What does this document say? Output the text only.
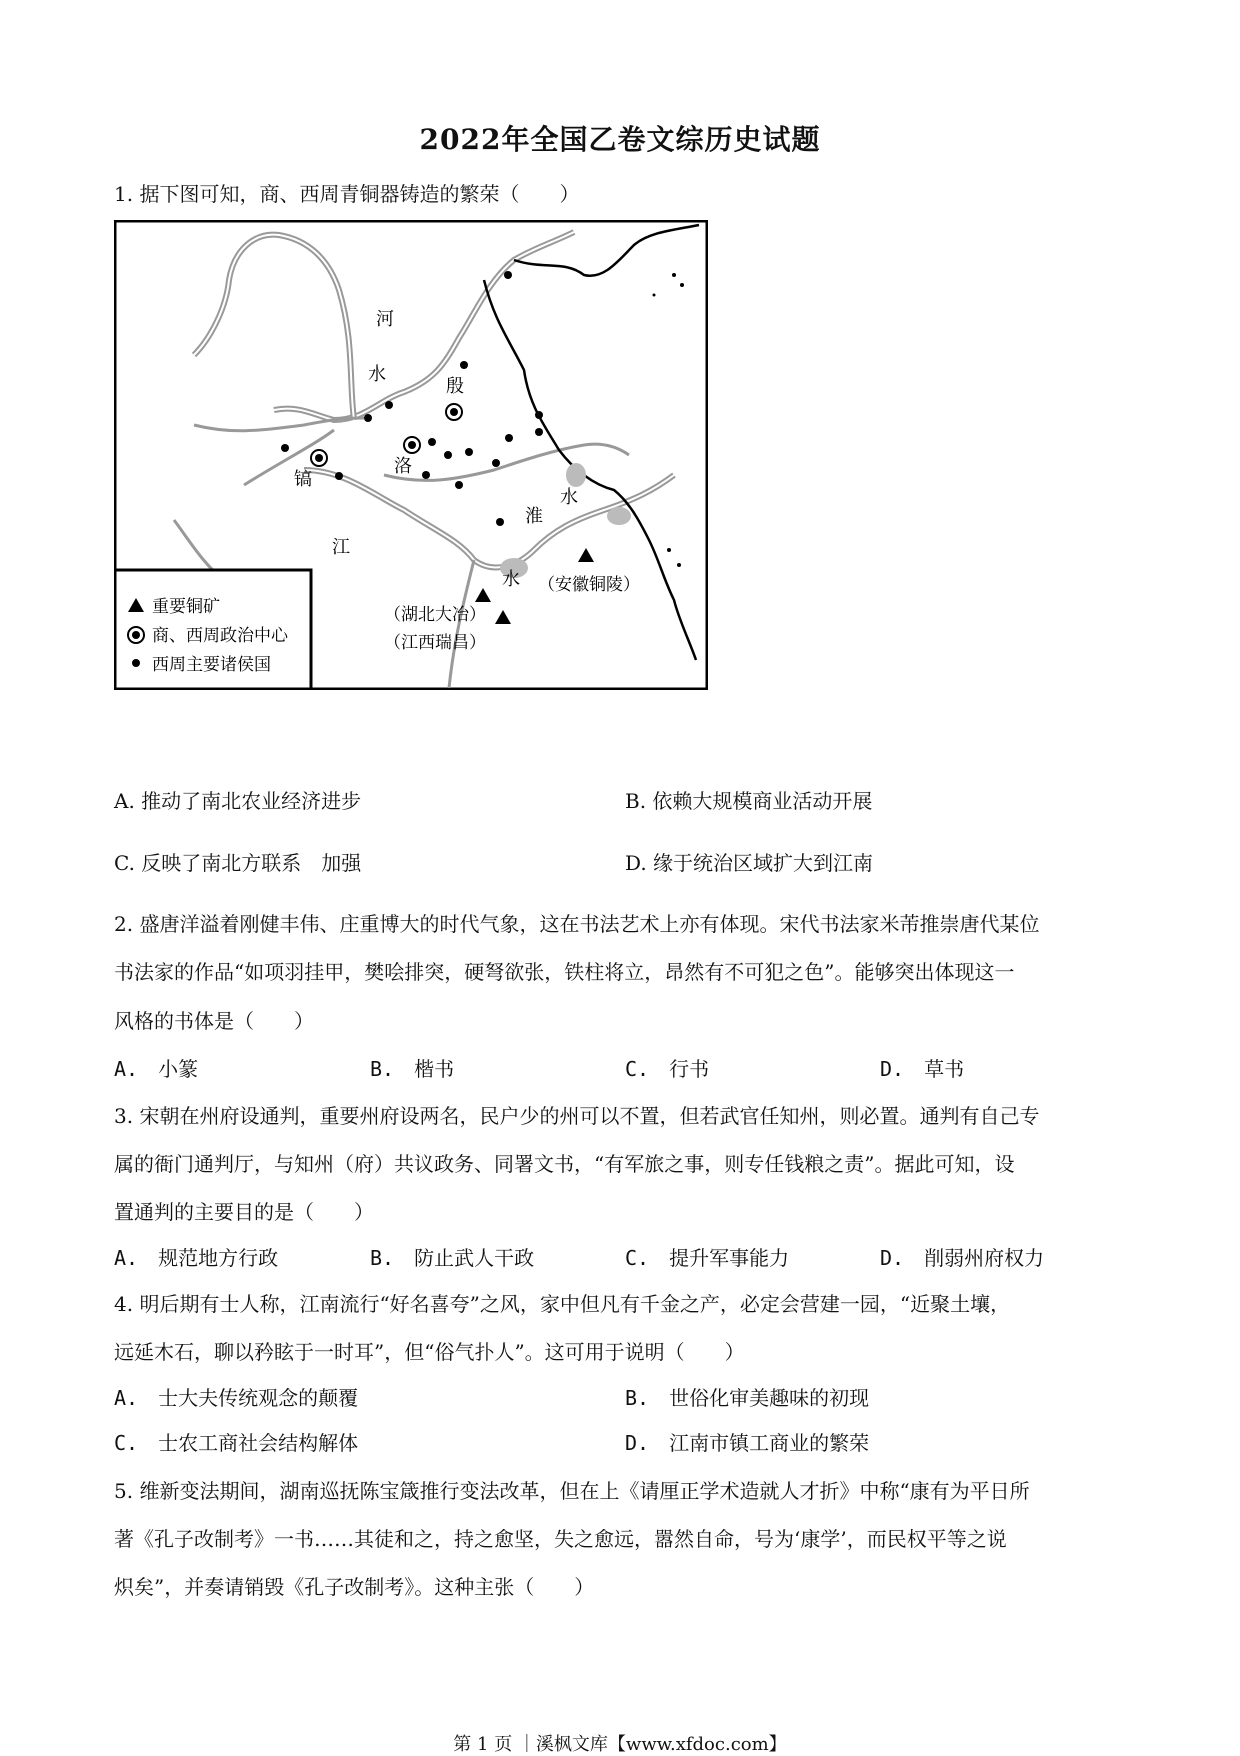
2022年全国乙卷文综历史试题
1. 据下图可知，商、西周青铜器铸造的繁荣（　　）
重要铜矿
商、西周政治中心
西周主要诸侯国
河
水
殷
洛
镐
江
水
淮
水
（安徽铜陵）
（湖北大冶）
（江西瑞昌）
A. 推动了南北农业经济进步	B. 依赖大规模商业活动开展
C. 反映了南北方联系　加强	D. 缘于统治区域扩大到江南
2. 盛唐洋溢着刚健丰伟、庄重博大的时代气象，这在书法艺术上亦有体现。宋代书法家米芾推崇唐代某位
书法家的作品“如项羽挂甲，樊哙排突，硬弩欲张，铁柱将立，昂然有不可犯之色”。能够突出体现这一
风格的书体是（　　）
A.　小篆	B.　楷书	C.　行书	D.　草书
3. 宋朝在州府设通判，重要州府设两名，民户少的州可以不置，但若武官任知州，则必置。通判有自己专
属的衙门通判厅，与知州（府）共议政务、同署文书，“有军旅之事，则专任钱粮之责”。据此可知，设
置通判的主要目的是（　　）
A.　规范地方行政	B.　防止武人干政	C.　提升军事能力	D.　削弱州府权力
4. 明后期有士人称，江南流行“好名喜夸”之风，家中但凡有千金之产，必定会营建一园，“近聚土壤，
远延木石，聊以矜眩于一时耳”，但“俗气扑人”。这可用于说明（　　）
A.　士大夫传统观念的颠覆	B.　世俗化审美趣味的初现
C.　士农工商社会结构解体	D.　江南市镇工商业的繁荣
5. 维新变法期间，湖南巡抚陈宝箴推行变法改革，但在上《请厘正学术造就人才折》中称“康有为平日所
著《孔子改制考》一书……其徒和之，持之愈坚，失之愈远，嚣然自命，号为‘康学’，而民权平等之说
炽矣”，并奏请销毁《孔子改制考》。这种主张（　　）
第 1 页 ｜溪枫文库【www.xfdoc.com】
